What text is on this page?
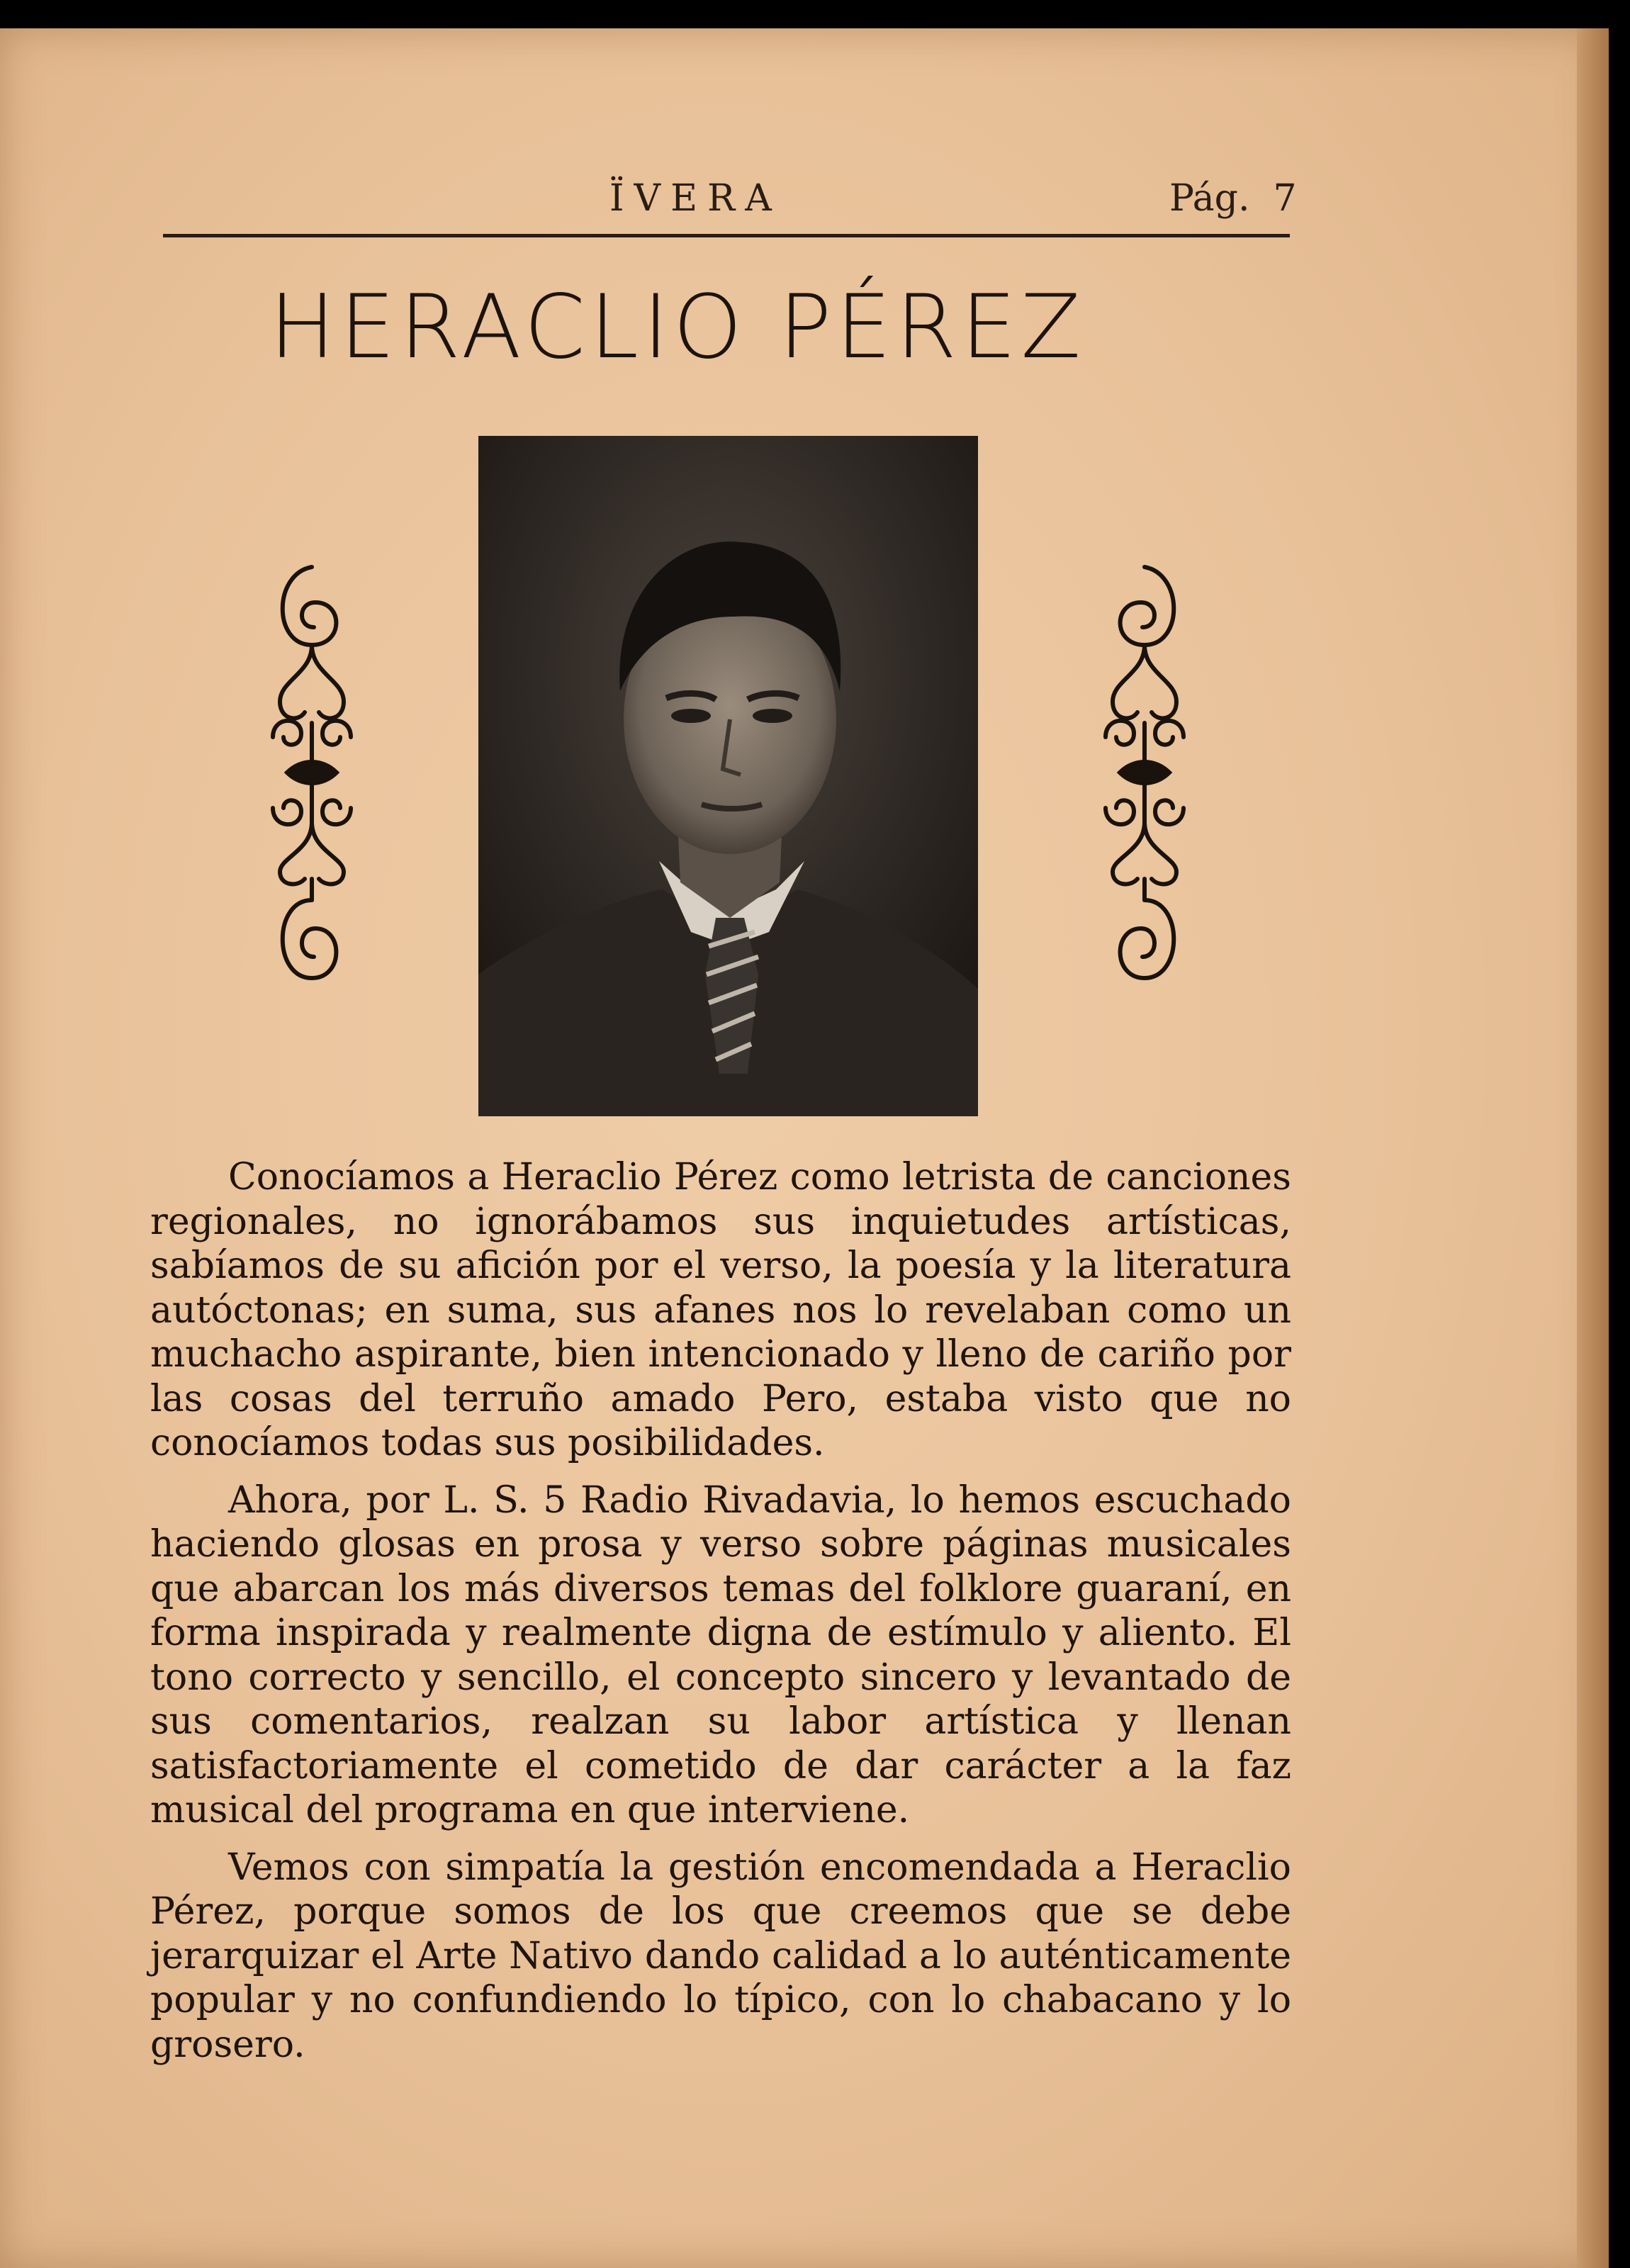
ÏVERA	Pág.  7
HERACLIO PÉREZ

Conocíamos a Heraclio Pérez como letrista de canciones regionales, no ignorábamos sus inquietudes artísticas, sabíamos de su afición por el verso, la poesía y la literatura autóctonas; en suma, sus afanes nos lo revelaban como un muchacho aspirante, bien intencionado y lleno de cariño por las cosas del terruño amado Pero, estaba visto que no conocíamos todas sus posibilidades.

Ahora, por L. S. 5 Radio Rivadavia, lo hemos escuchado haciendo glosas en prosa y verso sobre páginas musicales que abarcan los más diversos temas del folklore guaraní, en forma inspirada y realmente digna de estímulo y aliento. El tono correcto y sencillo, el concepto sincero y levantado de sus comentarios, realzan su labor artística y llenan satisfactoriamente el cometido de dar carácter a la faz musical del programa en que interviene.

Vemos con simpatía la gestión encomendada a Heraclio Pérez, porque somos de los que creemos que se debe jerarquizar el Arte Nativo dando calidad a lo auténticamente popular y no confundiendo lo típico, con lo chabacano y lo grosero.
